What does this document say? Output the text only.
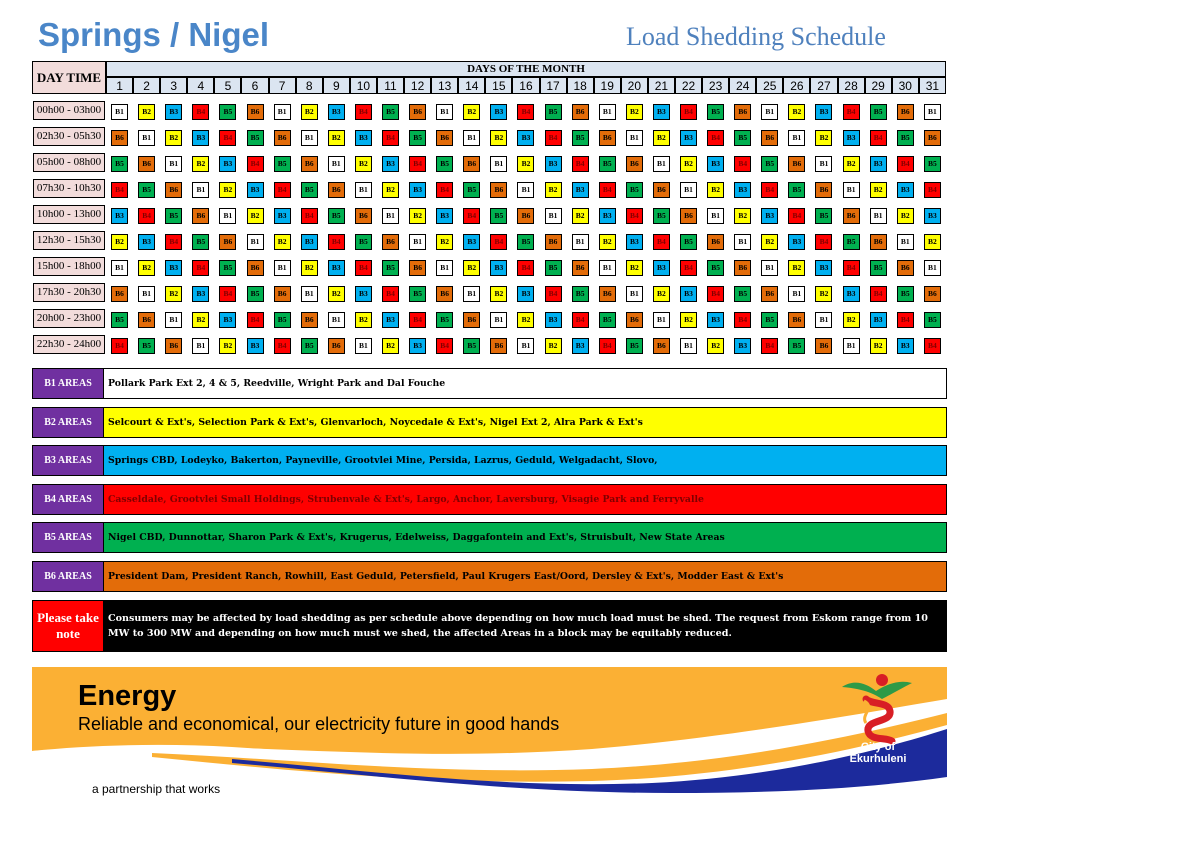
Springs / Nigel	Load Shedding Schedule
DAY TIME	DAYS OF THE MONTH																														
	1	2	3	4	5	6	7	8	9	10	11	12	13	14	15	16	17	18	19	20	21	22	23	24	25	26	27	28	29	30	31

00h00 - 03h00	B1	B2	B3	B4	B5	B6	B1	B2	B3	B4	B5	B6	B1	B2	B3	B4	B5	B6	B1	B2	B3	B4	B5	B6	B1	B2	B3	B4	B5	B6	B1

02h30 - 05h30	B6	B1	B2	B3	B4	B5	B6	B1	B2	B3	B4	B5	B6	B1	B2	B3	B4	B5	B6	B1	B2	B3	B4	B5	B6	B1	B2	B3	B4	B5	B6

05h00 - 08h00	B5	B6	B1	B2	B3	B4	B5	B6	B1	B2	B3	B4	B5	B6	B1	B2	B3	B4	B5	B6	B1	B2	B3	B4	B5	B6	B1	B2	B3	B4	B5

07h30 - 10h30	B4	B5	B6	B1	B2	B3	B4	B5	B6	B1	B2	B3	B4	B5	B6	B1	B2	B3	B4	B5	B6	B1	B2	B3	B4	B5	B6	B1	B2	B3	B4

10h00 - 13h00	B3	B4	B5	B6	B1	B2	B3	B4	B5	B6	B1	B2	B3	B4	B5	B6	B1	B2	B3	B4	B5	B6	B1	B2	B3	B4	B5	B6	B1	B2	B3

12h30 - 15h30	B2	B3	B4	B5	B6	B1	B2	B3	B4	B5	B6	B1	B2	B3	B4	B5	B6	B1	B2	B3	B4	B5	B6	B1	B2	B3	B4	B5	B6	B1	B2

15h00 - 18h00	B1	B2	B3	B4	B5	B6	B1	B2	B3	B4	B5	B6	B1	B2	B3	B4	B5	B6	B1	B2	B3	B4	B5	B6	B1	B2	B3	B4	B5	B6	B1

17h30 - 20h30	B6	B1	B2	B3	B4	B5	B6	B1	B2	B3	B4	B5	B6	B1	B2	B3	B4	B5	B6	B1	B2	B3	B4	B5	B6	B1	B2	B3	B4	B5	B6

20h00 - 23h00	B5	B6	B1	B2	B3	B4	B5	B6	B1	B2	B3	B4	B5	B6	B1	B2	B3	B4	B5	B6	B1	B2	B3	B4	B5	B6	B1	B2	B3	B4	B5

22h30 - 24h00	B4	B5	B6	B1	B2	B3	B4	B5	B6	B1	B2	B3	B4	B5	B6	B1	B2	B3	B4	B5	B6	B1	B2	B3	B4	B5	B6	B1	B2	B3	B4

B1 AREAS	Pollark Park Ext 2, 4 & 5, Reedville, Wright Park and Dal Fouche
B2 AREAS	Selcourt & Ext's, Selection Park & Ext's, Glenvarloch, Noycedale & Ext's, Nigel Ext 2, Alra Park & Ext's
B3 AREAS	Springs CBD, Lodeyko, Bakerton, Payneville, Grootvlei Mine, Persida, Lazrus, Geduld, Welgadacht, Slovo,
B4 AREAS	Casseldale, Grootvlei Small Holdings, Strubenvale & Ext's, Largo, Anchor, Laversburg, Visagie Park and Ferryvalle
B5 AREAS	Nigel CBD, Dunnottar, Sharon Park & Ext's, Krugerus, Edelweiss, Daggafontein and Ext's, Struisbult, New State Areas
B6 AREAS	President Dam, President Ranch, Rowhill, East Geduld, Petersfield, Paul Krugers East/Oord, Dersley & Ext's, Modder East & Ext's
Please take note
Consumers may be affected by load shedding as per schedule above depending on how much load must be shed. The request from Eskom range from 10 MW to 300 MW and depending on how much must we shed, the affected Areas in a block may be equitably reduced.
Energy
Reliable and economical, our electricity future in good hands
a partnership that works
City of Ekurhuleni
